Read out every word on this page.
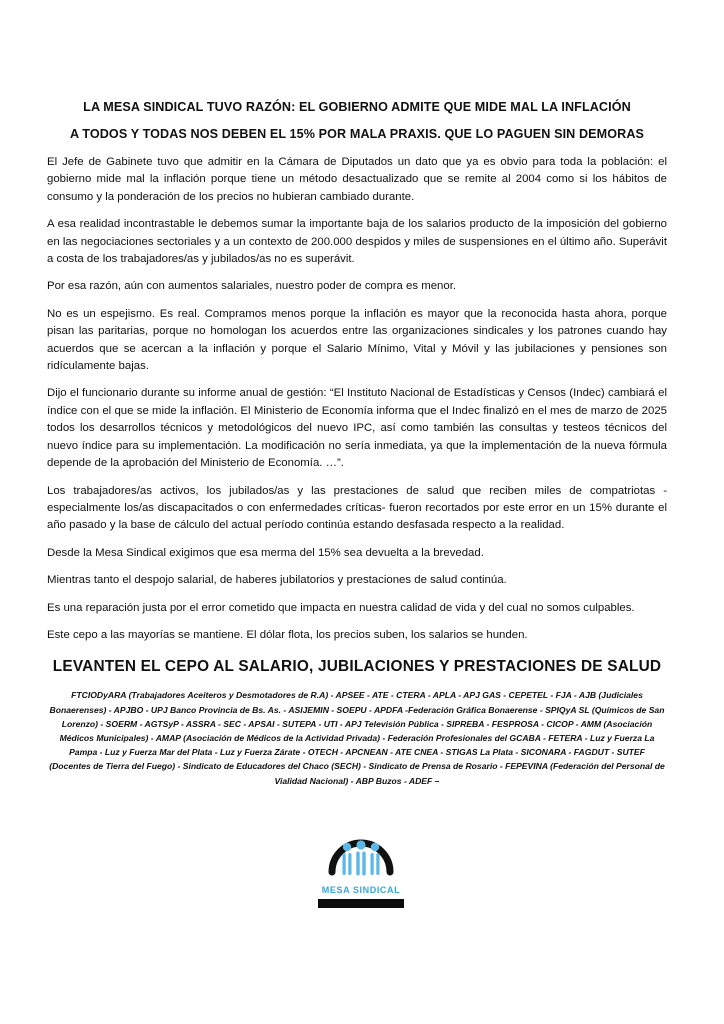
LA MESA SINDICAL TUVO RAZÓN: EL GOBIERNO ADMITE QUE MIDE MAL LA INFLACIÓN
A TODOS Y TODAS NOS DEBEN EL 15% POR MALA PRAXIS. QUE LO PAGUEN SIN DEMORAS

El Jefe de Gabinete tuvo que admitir en la Cámara de Diputados un dato que ya es obvio para toda la población: el gobierno mide mal la inflación porque tiene un método desactualizado que se remite al 2004 como si los hábitos de consumo y la ponderación de los precios no hubieran cambiado durante.

A esa realidad incontrastable le debemos sumar la importante baja de los salarios producto de la imposición del gobierno en las negociaciones sectoriales y a un contexto de 200.000 despidos y miles de suspensiones en el último año. Superávit a costa de los trabajadores/as y jubilados/as no es superávit.

Por esa razón, aún con aumentos salariales, nuestro poder de compra es menor.

No es un espejismo. Es real. Compramos menos porque la inflación es mayor que la reconocida hasta ahora, porque pisan las paritarias, porque no homologan los acuerdos entre las organizaciones sindicales y los patrones cuando hay acuerdos que se acercan a la inflación y porque el Salario Mínimo, Vital y Móvil y las jubilaciones y pensiones son ridículamente bajas.

Dijo el funcionario durante su informe anual de gestión: “El Instituto Nacional de Estadísticas y Censos (Indec) cambiará el índice con el que se mide la inflación. El Ministerio de Economía informa que el Indec finalizó en el mes de marzo de 2025 todos los desarrollos técnicos y metodológicos del nuevo IPC, así como también las consultas y testeos técnicos del nuevo índice para su implementación. La modificación no sería inmediata, ya que la implementación de la nueva fórmula depende de la aprobación del Ministerio de Economía. …”.

Los trabajadores/as activos, los jubilados/as y las prestaciones de salud que reciben miles de compatriotas - especialmente los/as discapacitados o con enfermedades críticas- fueron recortados por este error en un 15% durante el año pasado y la base de cálculo del actual período continúa estando desfasada respecto a la realidad.

Desde la Mesa Sindical exigimos que esa merma del 15% sea devuelta a la brevedad.

Mientras tanto el despojo salarial, de haberes jubilatorios y prestaciones de salud continúa.

Es una reparación justa por el error cometido que impacta en nuestra calidad de vida y del cual no somos culpables.

Este cepo a las mayorías se mantiene. El dólar flota, los precios suben, los salarios se hunden.

LEVANTEN EL CEPO AL SALARIO, JUBILACIONES Y PRESTACIONES DE SALUD

FTCIODyARA (Trabajadores Aceiteros y Desmotadores de R.A) - APSEE - ATE - CTERA - APLA - APJ GAS - CEPETEL - FJA - AJB (Judiciales Bonaerenses) - APJBO - UPJ Banco Provincia de Bs. As. - ASIJEMIN - SOEPU - APDFA -Federación Gráfica Bonaerense - SPIQyA SL (Químicos de San Lorenzo) - SOERM - AGTSyP - ASSRA - SEC - APSAI - SUTEPA - UTI - APJ Televisión Pública - SIPREBA - FESPROSA - CICOP - AMM (Asociación Médicos Municipales) - AMAP (Asociación de Médicos de la Actividad Privada) - Federación Profesionales del GCABA - FETERA - Luz y Fuerza La Pampa - Luz y Fuerza Mar del Plata - Luz y Fuerza Zárate - OTECH - APCNEAN - ATE CNEA - STIGAS La Plata - SICONARA - FAGDUT - SUTEF (Docentes de Tierra del Fuego) - Sindicato de Educadores del Chaco (SECH) - Sindicato de Prensa de Rosario - FEPEVINA (Federación del Personal de Vialidad Nacional) - ABP Buzos - ADEF –

MESA SINDICAL
